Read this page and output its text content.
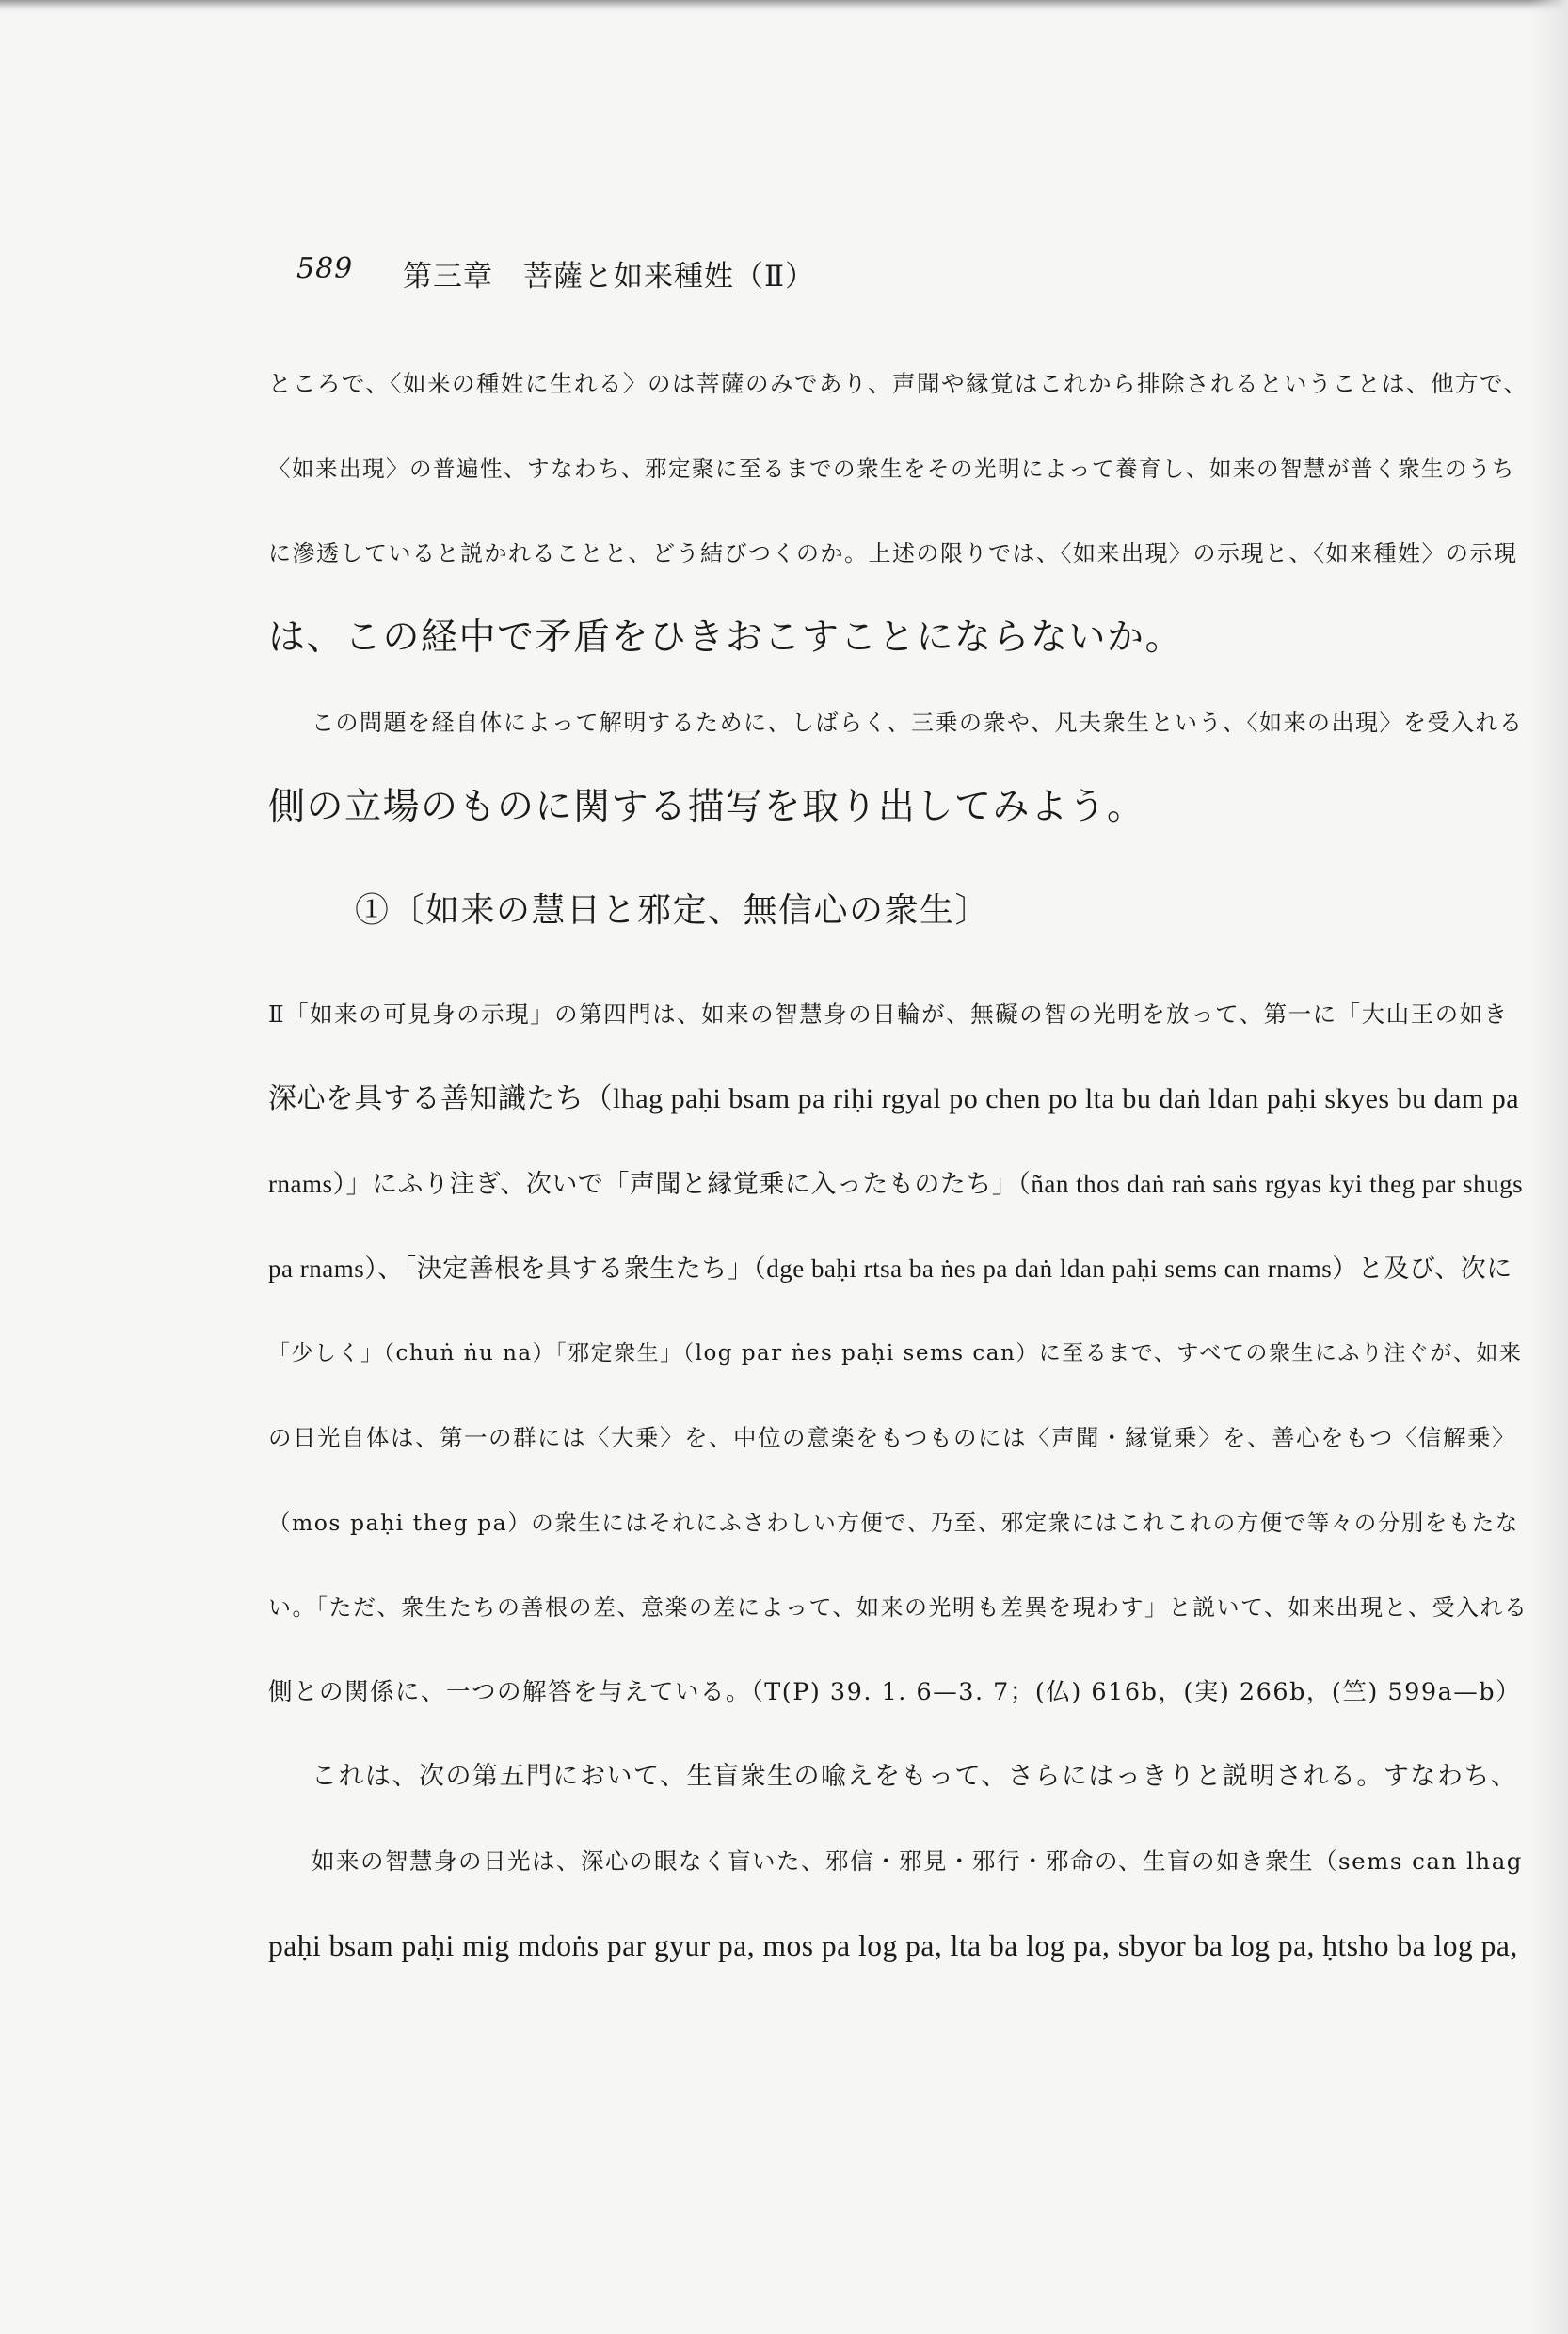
589 第三章　菩薩と如来種姓（Ⅱ）
ところで、〈如来の種姓に生れる〉のは菩薩のみであり、声聞や縁覚はこれから排除されるということは、他方で、
〈如来出現〉の普遍性、すなわち、邪定聚に至るまでの衆生をその光明によって養育し、如来の智慧が普く衆生のうち
に滲透していると説かれることと、どう結びつくのか。上述の限りでは、〈如来出現〉の示現と、〈如来種姓〉の示現
は、この経中で矛盾をひきおこすことにならないか。
この問題を経自体によって解明するために、しばらく、三乗の衆や、凡夫衆生という、〈如来の出現〉を受入れる
側の立場のものに関する描写を取り出してみよう。
①〔如来の慧日と邪定、無信心の衆生〕
Ⅱ「如来の可見身の示現」の第四門は、如来の智慧身の日輪が、無礙の智の光明を放って、第一に「大山王の如き
深心を具する善知識たち（lhag paḥi bsam pa riḥi rgyal po chen po lta bu daṅ ldan paḥi skyes bu dam pa
rnams）」にふり注ぎ、次いで「声聞と縁覚乗に入ったものたち」（ñan thos daṅ raṅ saṅs rgyas kyi theg par shugs
pa rnams）、「決定善根を具する衆生たち」（dge baḥi rtsa ba ṅes pa daṅ ldan paḥi sems can rnams）と及び、次に
「少しく」（chuṅ ṅu na）「邪定衆生」（log par ṅes paḥi sems can）に至るまで、すべての衆生にふり注ぐが、如来
の日光自体は、第一の群には〈大乗〉を、中位の意楽をもつものには〈声聞・縁覚乗〉を、善心をもつ〈信解乗〉
（mos paḥi theg pa）の衆生にはそれにふさわしい方便で、乃至、邪定衆にはこれこれの方便で等々の分別をもたな
い。「ただ、衆生たちの善根の差、意楽の差によって、如来の光明も差異を現わす」と説いて、如来出現と、受入れる
側との関係に、一つの解答を与えている。（T(P) 39. 1. 6—3. 7；(仏) 616b，(実) 266b，(竺) 599a—b）
これは、次の第五門において、生盲衆生の喩えをもって、さらにはっきりと説明される。すなわち、
如来の智慧身の日光は、深心の眼なく盲いた、邪信・邪見・邪行・邪命の、生盲の如き衆生（sems can lhag
paḥi bsam paḥi mig mdoṅs par gyur pa, mos pa log pa, lta ba log pa, sbyor ba log pa, ḥtsho ba log pa,
